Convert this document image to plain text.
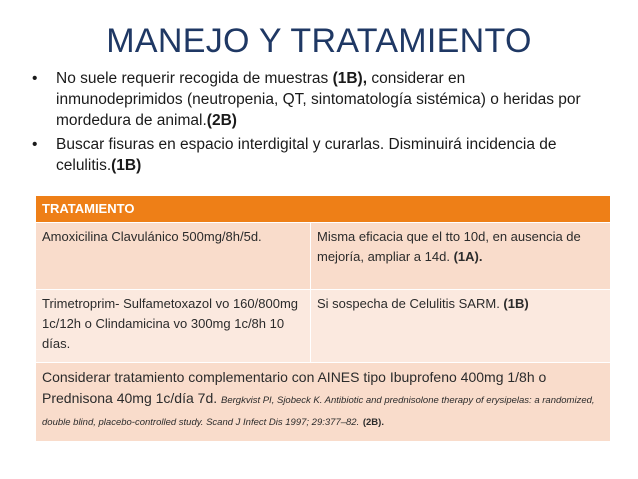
MANEJO Y TRATAMIENTO
• No suele requerir recogida de muestras (1B), considerar en inmunodeprimidos (neutropenia, QT, sintomatología sistémica) o heridas por mordedura de animal.(2B)
• Buscar fisuras en espacio interdigital y curarlas. Disminuirá incidencia de celulitis.(1B)
TRATAMIENTO	
Amoxicilina Clavulánico 500mg/8h/5d.	Misma eficacia que el tto 10d, en ausencia de mejoría, ampliar a 14d. (1A).
Trimetroprim- Sulfametoxazol vo 160/800mg 1c/12h o Clindamicina vo 300mg 1c/8h 10 días.	Si sospecha de Celulitis SARM. (1B)
Considerar tratamiento complementario con AINES tipo Ibuprofeno 400mg 1/8h o Prednisona 40mg 1c/día 7d. Bergkvist PI, Sjobeck K. Antibiotic and prednisolone therapy of erysipelas: a randomized, double blind, placebo-controlled study. Scand J Infect Dis 1997; 29:377–82. (2B).	
